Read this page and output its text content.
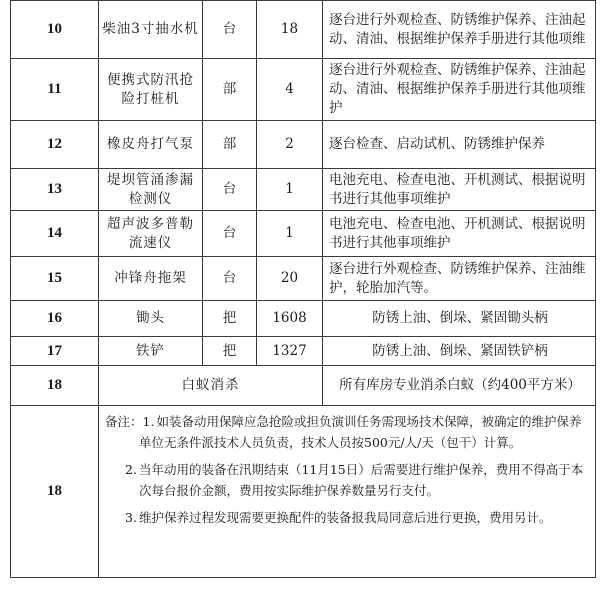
10	柴油3寸抽水机	台	18	逐台进行外观检查、防锈维护保养、注油起动、清油、根据维护保养手册进行其他项维
11	便携式防汛抢险打桩机	部	4	逐台进行外观检查、防锈维护保养、注油起动、清油、根据维护保养手册进行其他项维护
12	橡皮舟打气泵	部	2	逐台检查、启动试机、防锈维护保养
13	堤坝管涌渗漏检测仪	台	1	电池充电、检查电池、开机测试、根据说明书进行其他事项维护
14	超声波多普勒流速仪	台	1	电池充电、检查电池、开机测试、根据说明书进行其他事项维护
15	冲锋舟拖架	台	20	逐台进行外观检查、防锈维护保养、注油维护，轮胎加汽等。
16	锄头	把	1608	防锈上油、倒垛、紧固锄头柄
17	铁铲	把	1327	防锈上油、倒垛、紧固铁铲柄
18	白蚁消杀			所有库房专业消杀白蚁（约400平方米）
18	备注：1. 如装备动用保障应急抢险或担负演训任务需现场技术保障，被确定的维护保养单位无条件派技术人员负责，技术人员按500元/人/天（包干）计算。
2. 当年动用的装备在汛期结束（11月15日）后需要进行维护保养，费用不得高于本次每台报价金额，费用按实际维护保养数量另行支付。
3. 维护保养过程发现需要更换配件的装备报我局同意后进行更换，费用另计。			
